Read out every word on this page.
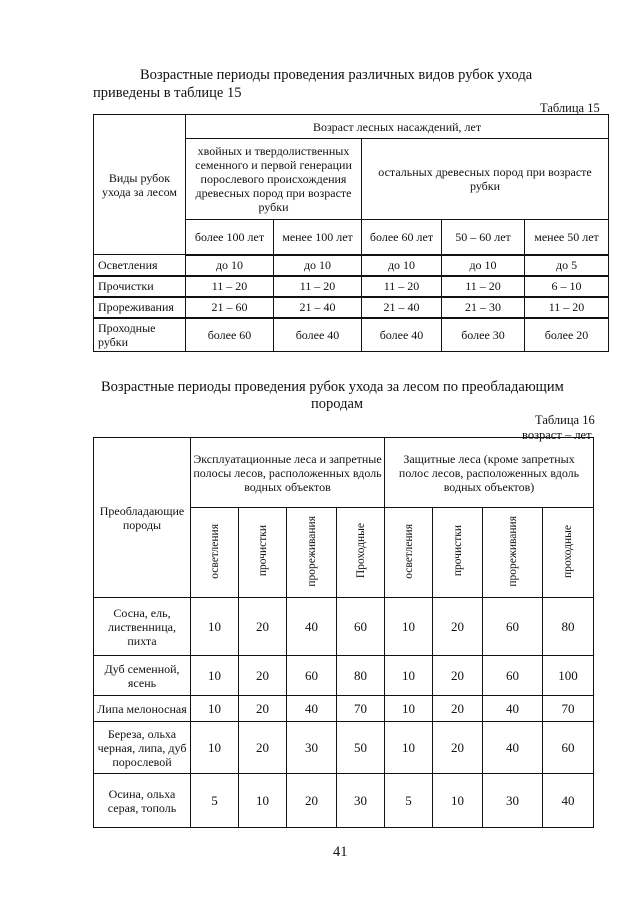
Возрастные периоды проведения различных видов рубок ухода
приведены в таблице 15
Таблица 15
Виды рубок ухода за лесом	Возраст лесных насаждений, лет				
	хвойных и твердолиственных семенного и первой генерации порослевого происхождения древесных пород при возрасте рубки		остальных древесных пород при возрасте рубки		
	более 100 лет	менее 100 лет	более 60 лет	50 – 60 лет	менее 50 лет
Осветления	до 10	до 10	до 10	до 10	до 5
Прочистки	11 – 20	11 – 20	11 – 20	11 – 20	6 – 10
Прореживания	21 – 60	21 – 40	21 – 40	21 – 30	11 – 20
Проходные рубки	более 60	более 40	более 40	более 30	более 20
Возрастные периоды проведения рубок ухода за лесом по преобладающим
породам
Таблица 16
возраст – лет
Преобладающие породы	Эксплуатационные леса и запретные полосы лесов, расположенных вдоль водных объектов				Защитные леса (кроме запретных полос лесов, расположенных вдоль водных объектов)			
	осветления	прочистки	прореживания	Проходные	осветления	прочистки	прореживания	проходные
Сосна, ель, лиственница, пихта	10	20	40	60	10	20	60	80
Дуб семенной, ясень	10	20	60	80	10	20	60	100
Липа мелоносная	10	20	40	70	10	20	40	70
Береза, ольха черная, липа, дуб порослевой	10	20	30	50	10	20	40	60
Осина, ольха серая, тополь	5	10	20	30	5	10	30	40
41
